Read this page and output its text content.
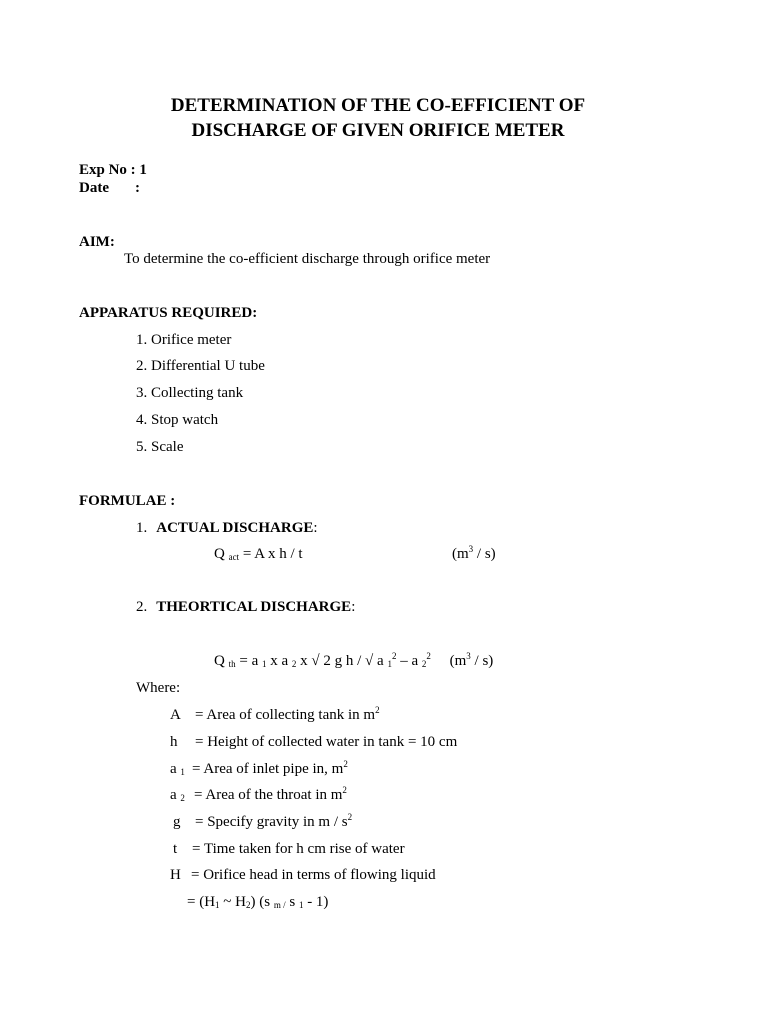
DETERMINATION OF THE CO-EFFICIENT OF
DISCHARGE OF GIVEN ORIFICE METER
Exp No : 1
Date :
AIM:
To determine the co-efficient discharge through orifice meter
APPARATUS REQUIRED:
1. Orifice meter
2. Differential U tube
3. Collecting tank
4. Stop watch
5. Scale
FORMULAE :
1. ACTUAL DISCHARGE:
Q $_{act}$ = A x h / t	$(m^3 / s)$
2. THEORTICAL DISCHARGE:
Q $_{th}$ = a $_1$ x a $_2$ x √ 2 g h / √ a $_1^2$ – a $_2^2$     $(m^3 / s)$
Where:
A = Area of collecting tank in $m^2$
h = Height of collected water in tank = 10 cm
a $_1$ = Area of inlet pipe in, $m^2$
a $_2$ = Area of the throat in $m^2$
g = Specify gravity in m / $s^2$
t = Time taken for h cm rise of water
H = Orifice head in terms of flowing liquid
= ($H_1$ ~ $H_2$) (s $_{m /}$ s $_1$ - 1)
